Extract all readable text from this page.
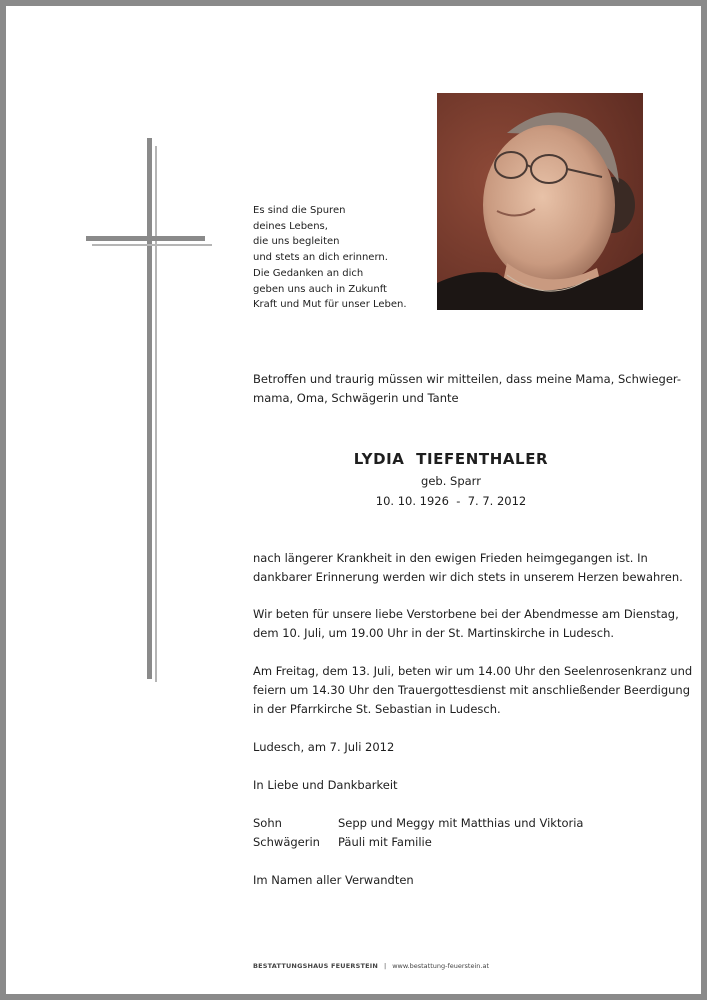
Es sind die Spuren
deines Lebens,
die uns begleiten
und stets an dich erinnern.
Die Gedanken an dich
geben uns auch in Zukunft
Kraft und Mut für unser Leben.
Betroffen und traurig müssen wir mitteilen, dass meine Mama, Schwieger-
mama, Oma, Schwägerin und Tante
LYDIA  TIEFENTHALER
geb. Sparr
10. 10. 1926  -  7. 7. 2012
nach längerer Krankheit in den ewigen Frieden heimgegangen ist. In
dankbarer Erinnerung werden wir dich stets in unserem Herzen bewahren.
Wir beten für unsere liebe Verstorbene bei der Abendmesse am Dienstag,
dem 10. Juli, um 19.00 Uhr in der St. Martinskirche in Ludesch.
Am Freitag, dem 13. Juli, beten wir um 14.00 Uhr den Seelenrosenkranz und
feiern um 14.30 Uhr den Trauergottesdienst mit anschließender Beerdigung
in der Pfarrkirche St. Sebastian in Ludesch.
Ludesch, am 7. Juli 2012
In Liebe und Dankbarkeit
Sohn	Sepp und Meggy mit Matthias und Viktoria
Schwägerin	Päuli mit Familie
Im Namen aller Verwandten
BESTATTUNGSHAUS FEUERSTEIN | www.bestattung-feuerstein.at
